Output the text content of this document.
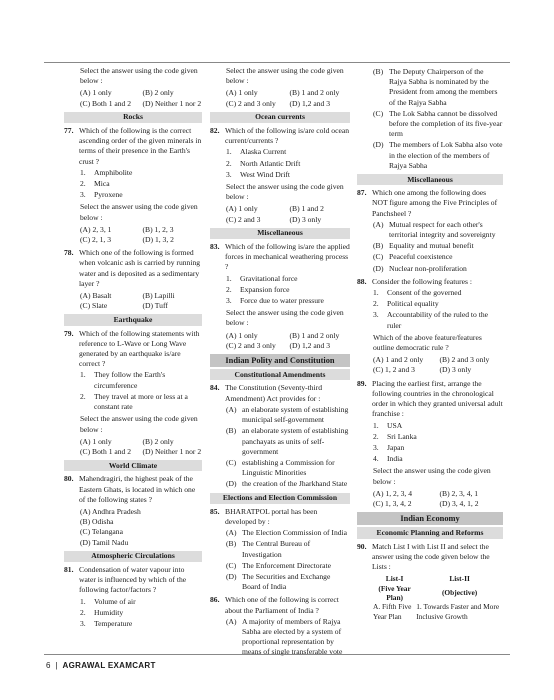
Select the answer using the code given below :
(A) 1 only	(B) 2 only
(C) Both 1 and 2	(D) Neither 1 nor 2
Rocks
77. Which of the following is the correct ascending order of the given minerals in terms of their presence in the Earth's crust ?
1.	Amphibolite
2.	Mica
3.	Pyroxene
Select the answer using the code given below :
(A) 2, 3, 1	(B) 1, 2, 3
(C) 2, 1, 3	(D) 1, 3, 2
78. Which one of the following is formed when volcanic ash is carried by running water and is deposited as a sedimentary layer ?
(A) Basalt	(B) Lapilli
(C) Slate	(D) Tuff
Earthquake
79. Which of the following statements with reference to L-Wave or Long Wave generated by an earthquake is/are correct ?
1.	They follow the Earth's circumference
2.	They travel at more or less at a constant rate
Select the answer using the code given below :
(A) 1 only	(B) 2 only
(C) Both 1 and 2	(D) Neither 1 nor 2
World Climate
80. Mahendragiri, the highest peak of the Eastern Ghats, is located in which one of the following states ?
(A) Andhra Pradesh
(B) Odisha
(C) Telangana
(D) Tamil Nadu
Atmospheric Circulations
81. Condensation of water vapour into water is influenced by which of the following factor/factors ?
1.	Volume of air
2.	Humidity
3.	Temperature
Select the answer using the code given below :
(A) 1 only	(B) 1 and 2 only
(C) 2 and 3 only	(D) 1,2 and 3
Ocean currents
82. Which of the following is/are cold ocean current/currents ?
1.	Alaska Current
2.	North Atlantic Drift
3.	West Wind Drift
Select the answer using the code given below :
(A) 1 only	(B) 1 and 2
(C) 2 and 3	(D) 3 only
Miscellaneous
83. Which of the following is/are the applied forces in mechanical weathering process ?
1.	Gravitational force
2.	Expansion force
3.	Force due to water pressure
Select the answer using the code given below :
(A) 1 only	(B) 1 and 2 only
(C) 2 and 3 only	(D) 1,2 and 3
Indian Polity and Constitution
Constitutional Amendments
84. The Constitution (Seventy-third Amendment) Act provides for :
(A) an elaborate system of establishing municipal self-government
(B) an elaborate system of establishing panchayats as units of self-government
(C) establishing a Commission for Linguistic Minorities
(D) the creation of the Jharkhand State
Elections and Election Commission
85. BHARATPOL portal has been developed by :
(A) The Election Commission of India
(B) The Central Bureau of Investigation
(C) The Enforcement Directorate
(D) The Securities and Exchange Board of India
86. Which one of the following is correct about the Parliament of India ?
(A) A majority of members of Rajya Sabha are elected by a system of proportional representation by means of single transferable vote
(B) The Deputy Chairperson of the Rajya Sabha is nominated by the President from among the members of the Rajya Sabha
(C) The Lok Sabha cannot be dissolved before the completion of its five-year term
(D) The members of Lok Sabha also vote in the election of the members of Rajya Sabha
Miscellaneous
87. Which one among the following does NOT figure among the Five Principles of Panchsheel ?
(A) Mutual respect for each other's territorial integrity and sovereignty
(B) Equality and mutual benefit
(C) Peaceful coexistence
(D) Nuclear non-proliferation
88. Consider the following features :
1.	Consent of the governed
2.	Political equality
3.	Accountability of the ruled to the ruler
Which of the above feature/features outline democratic rule ?
(A) 1 and 2 only	(B) 2 and 3 only
(C) 1, 2 and 3	(D) 3 only
89. Placing the earliest first, arrange the following countries in the chronological order in which they granted universal adult franchise :
1.	USA
2.	Sri Lanka
3.	Japan
4.	India
Select the answer using the code given below :
(A) 1, 2, 3, 4	(B) 2, 3, 4, 1
(C) 1, 3, 4, 2	(D) 3, 4, 1, 2
Indian Economy
Economic Planning and Reforms
90. Match List I with List II and select the answer using the code given below the Lists :
List-I	List-II
(Five Year Plan)	(Objective)
A. Fifth Five Year Plan	1. Towards Faster and More Inclusive Growth
6 | AGRAWAL EXAMCART
